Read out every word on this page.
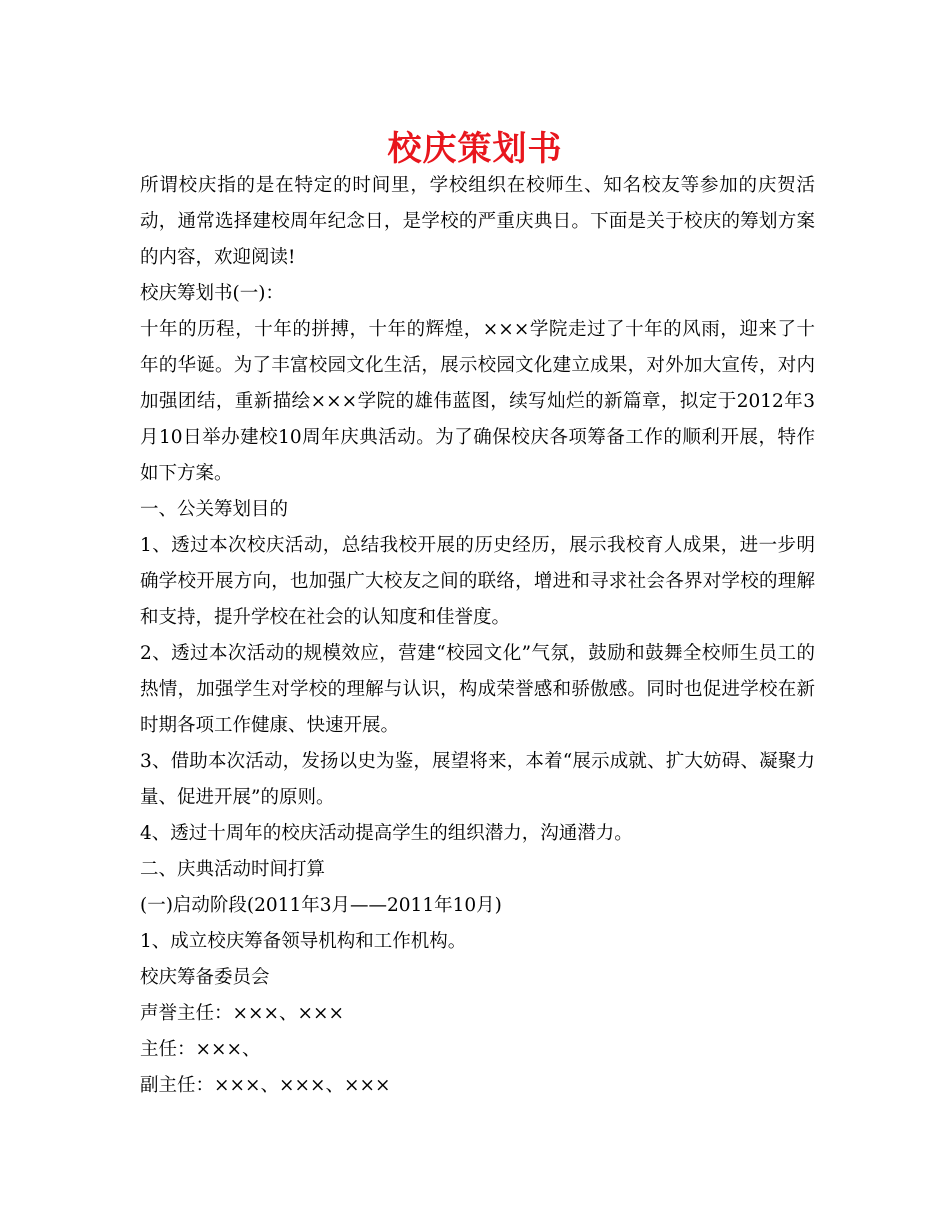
校庆策划书

所谓校庆指的是在特定的时间里，学校组织在校师生、知名校友等参加的庆贺活动，通常选择建校周年纪念日，是学校的严重庆典日。下面是关于校庆的筹划方案的内容，欢迎阅读!

校庆筹划书(一)：

十年的历程，十年的拼搏，十年的辉煌，×××学院走过了十年的风雨，迎来了十年的华诞。为了丰富校园文化生活，展示校园文化建立成果，对外加大宣传，对内加强团结，重新描绘×××学院的雄伟蓝图，续写灿烂的新篇章，拟定于2012年3月10日举办建校10周年庆典活动。为了确保校庆各项筹备工作的顺利开展，特作如下方案。

一、公关筹划目的

1、透过本次校庆活动，总结我校开展的历史经历，展示我校育人成果，进一步明确学校开展方向，也加强广大校友之间的联络，增进和寻求社会各界对学校的理解和支持，提升学校在社会的认知度和佳誉度。

2、透过本次活动的规模效应，营建“校园文化”气氛，鼓励和鼓舞全校师生员工的热情，加强学生对学校的理解与认识，构成荣誉感和骄傲感。同时也促进学校在新时期各项工作健康、快速开展。

3、借助本次活动，发扬以史为鉴，展望将来，本着“展示成就、扩大妨碍、凝聚力量、促进开展”的原则。

4、透过十周年的校庆活动提高学生的组织潜力，沟通潜力。

二、庆典活动时间打算

(一)启动阶段(2011年3月——2011年10月)

1、成立校庆筹备领导机构和工作机构。

校庆筹备委员会

声誉主任：×××、×××

主任：×××、

副主任：×××、×××、×××
